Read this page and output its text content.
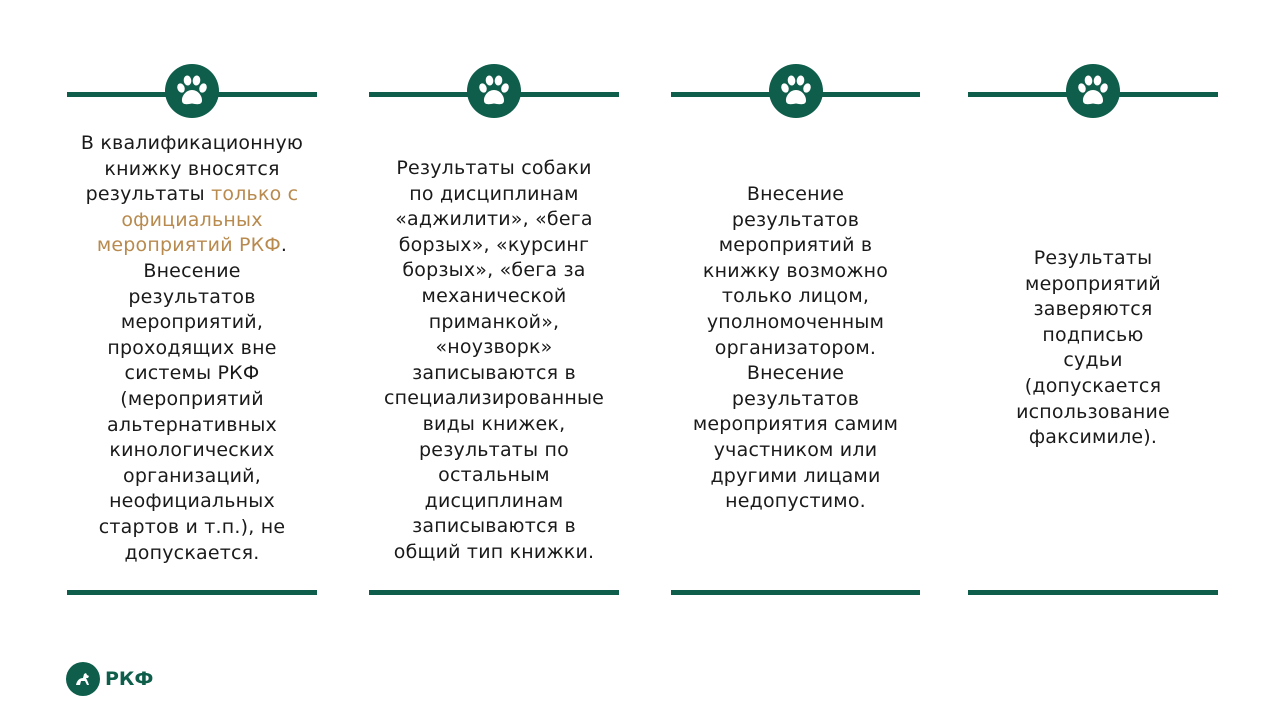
В квалификационную
книжку вносятся
результаты только с
официальных
мероприятий РКФ.
Внесение
результатов
мероприятий,
проходящих вне
системы РКФ
(мероприятий
альтернативных
кинологических
организаций,
неофициальных
стартов и т.п.), не
допускается.
Результаты собаки
по дисциплинам
«аджилити», «бега
борзых», «курсинг
борзых», «бега за
механической
приманкой»,
«ноузворк»
записываются в
специализированные
виды книжек,
результаты по
остальным
дисциплинам
записываются в
общий тип книжки.
Внесение
результатов
мероприятий в
книжку возможно
только лицом,
уполномоченным
организатором.
Внесение
результатов
мероприятия самим
участником или
другими лицами
недопустимо.
Результаты
мероприятий
заверяются
подписью
судьи
(допускается
использование
факсимиле).
РКФ
